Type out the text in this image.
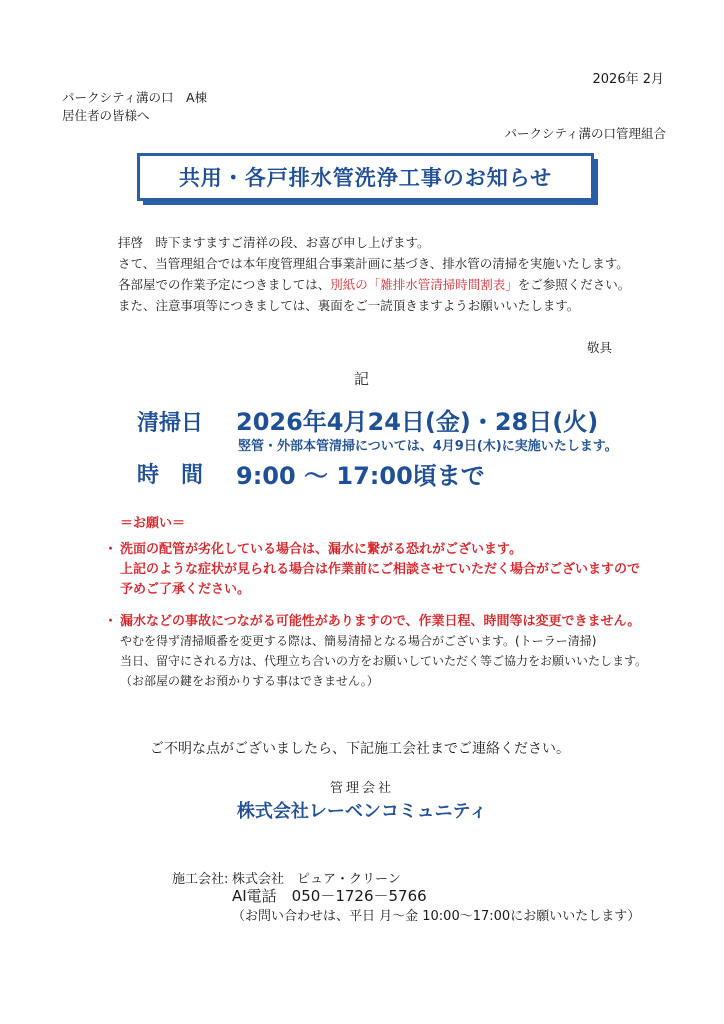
2026年 2月
パークシティ溝の口　A棟
居住者の皆様へ
パークシティ溝の口管理組合
共用・各戸排水管洗浄工事のお知らせ
拝啓　時下ますますご清祥の段、お喜び申し上げます。
さて、当管理組合では本年度管理組合事業計画に基づき、排水管の清掃を実施いたします。
各部屋での作業予定につきましては、別紙の「雑排水管清掃時間割表」をご参照ください。
また、注意事項等につきましては、裏面をご一読頂きますようお願いいたします。
敬具
記
清掃日 2026年4月24日(金)・28日(火)
竪管・外部本管清掃については、4月9日(木)に実施いたします。
時　間 9:00 ～ 17:00頃まで
＝お願い＝
・ 洗面の配管が劣化している場合は、漏水に繋がる恐れがございます。
上記のような症状が見られる場合は作業前にご相談させていただく場合がございますので
予めご了承ください。
・ 漏水などの事故につながる可能性がありますので、作業日程、時間等は変更できません。
やむを得ず清掃順番を変更する際は、簡易清掃となる場合がございます。(トーラー清掃)
当日、留守にされる方は、代理立ち合いの方をお願いしていただく等ご協力をお願いいたします。
（お部屋の鍵をお預かりする事はできません。）
ご不明な点がございましたら、下記施工会社までご連絡ください。
管理会社
株式会社レーベンコミュニティ
施工会社: 株式会社　ピュア・クリーン
AI電話　050－1726－5766
（お問い合わせは、平日 月～金 10:00～17:00にお願いいたします）
